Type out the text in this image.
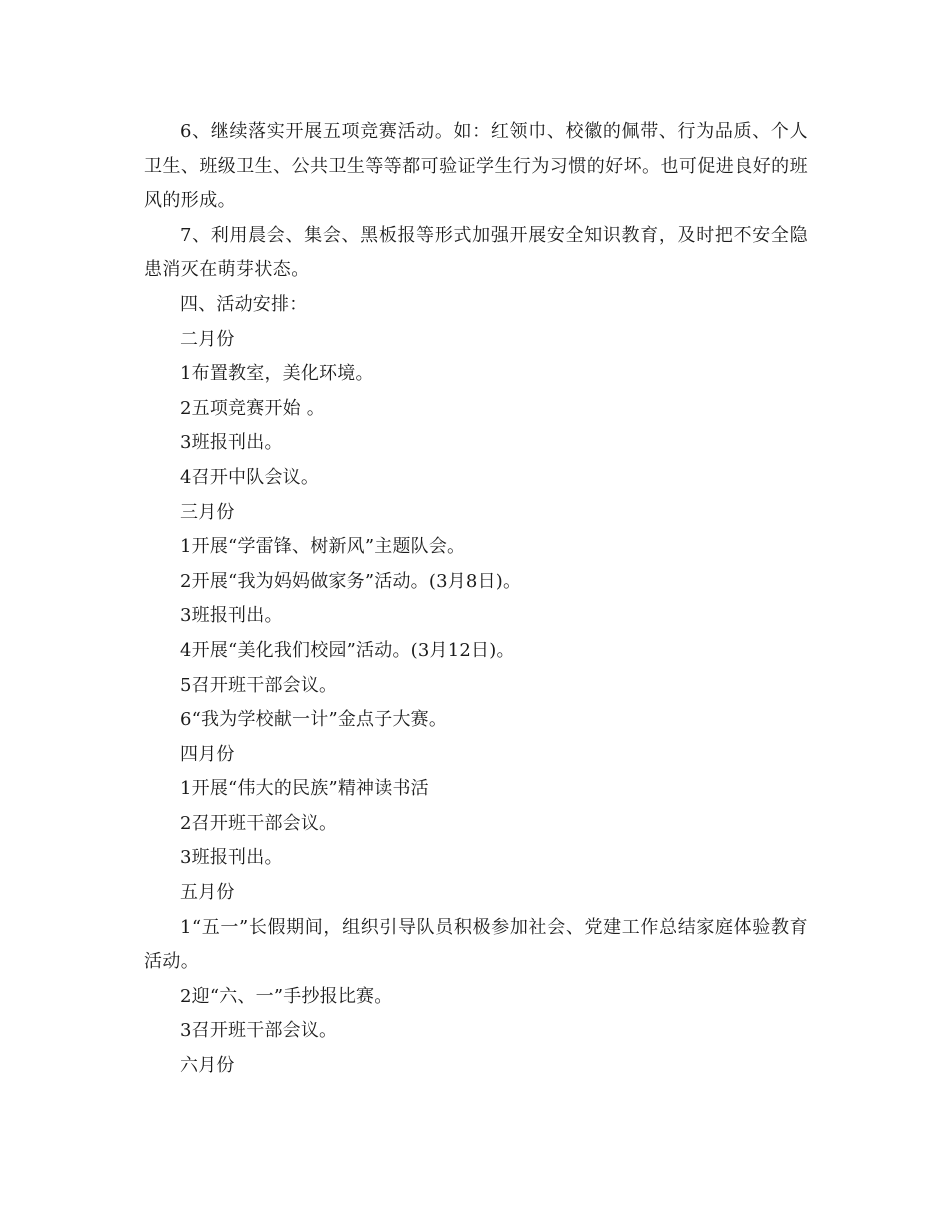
6、继续落实开展五项竞赛活动。如：红领巾、校徽的佩带、行为品质、个人卫生、班级卫生、公共卫生等等都可验证学生行为习惯的好坏。也可促进良好的班风的形成。

7、利用晨会、集会、黑板报等形式加强开展安全知识教育，及时把不安全隐患消灭在萌芽状态。

四、活动安排：

二月份

1布置教室，美化环境。

2五项竞赛开始 。

3班报刊出。

4召开中队会议。

三月份

1开展“学雷锋、树新风”主题队会。

2开展“我为妈妈做家务”活动。(3月8日)。

3班报刊出。

4开展“美化我们校园”活动。(3月12日)。

5召开班干部会议。

6“我为学校献一计”金点子大赛。

四月份

1开展“伟大的民族”精神读书活

2召开班干部会议。

3班报刊出。

五月份

1“五一”长假期间，组织引导队员积极参加社会、党建工作总结家庭体验教育活动。

2迎“六、一”手抄报比赛。

3召开班干部会议。

六月份
